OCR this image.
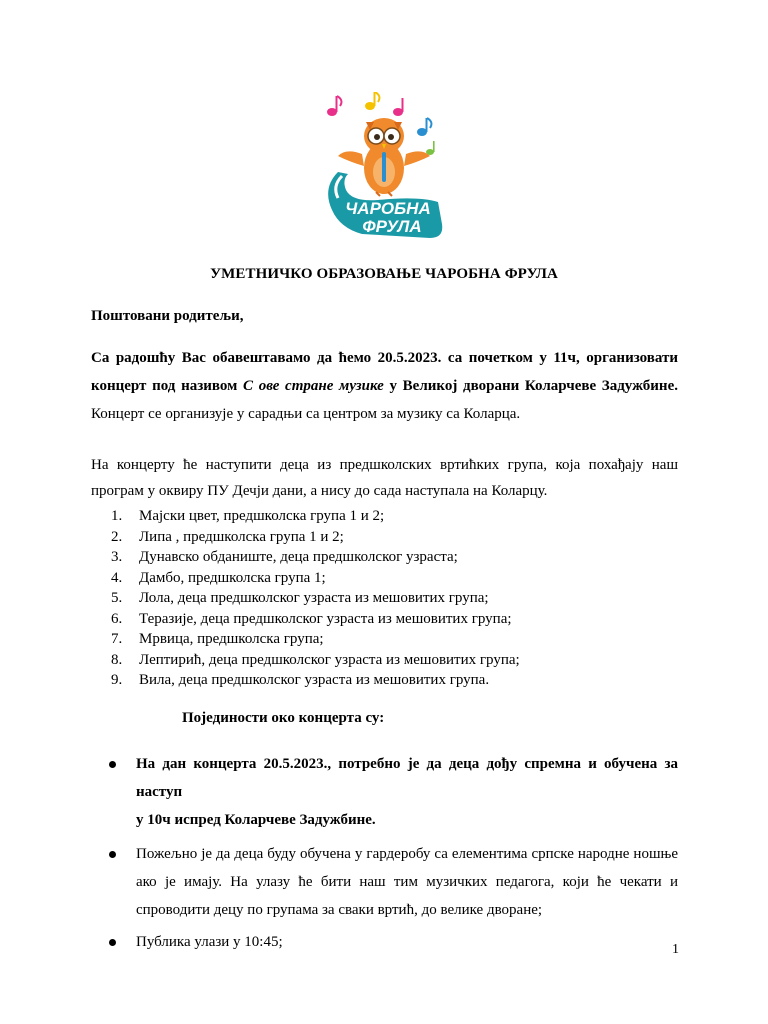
ЧАРОБНА
ФРУЛА
УМЕТНИЧКО ОБРАЗОВАЊЕ ЧАРОБНА ФРУЛА
Поштовани родитељи,
Са радошћу Вас обавештавамо да ћемо 20.5.2023. са почетком у 11ч, организовати
концерт под називом С ове стране музике у Великој дворани Коларчеве Задужбине.
Концерт се организује у сарадњи са центром за музику са Коларца.
На концерту ће наступити деца из предшколских вртићких група, која похађају наш
програм у оквиру ПУ Дечји дани, а нису до сада наступала на Коларцу.
1. Мајски цвет, предшколска група 1 и 2;
2. Липа , предшколска група 1 и 2;
3. Дунавско обданиште, деца предшколског узраста;
4. Дамбо, предшколска група 1;
5. Лола, деца предшколског узраста из мешовитих група;
6. Теразије, деца предшколског узраста из мешовитих група;
7. Мрвица, предшколска група;
8. Лептирић, деца предшколског узраста из мешовитих група;
9. Вила, деца предшколског узраста из мешовитих група.
Појединости око концерта су:
На дан концерта 20.5.2023., потребно је да деца дођу спремна и обучена за наступ
у 10ч испред Коларчеве Задужбине.
Пожељно је да деца буду обучена у гардеробу са елементима српске народне ношње
ако је имају. На улазу ће бити наш тим музичких педагога, који ће чекати и
спроводити децу по групама за сваки вртић, до велике дворане;
Публика улази у 10:45;	1
